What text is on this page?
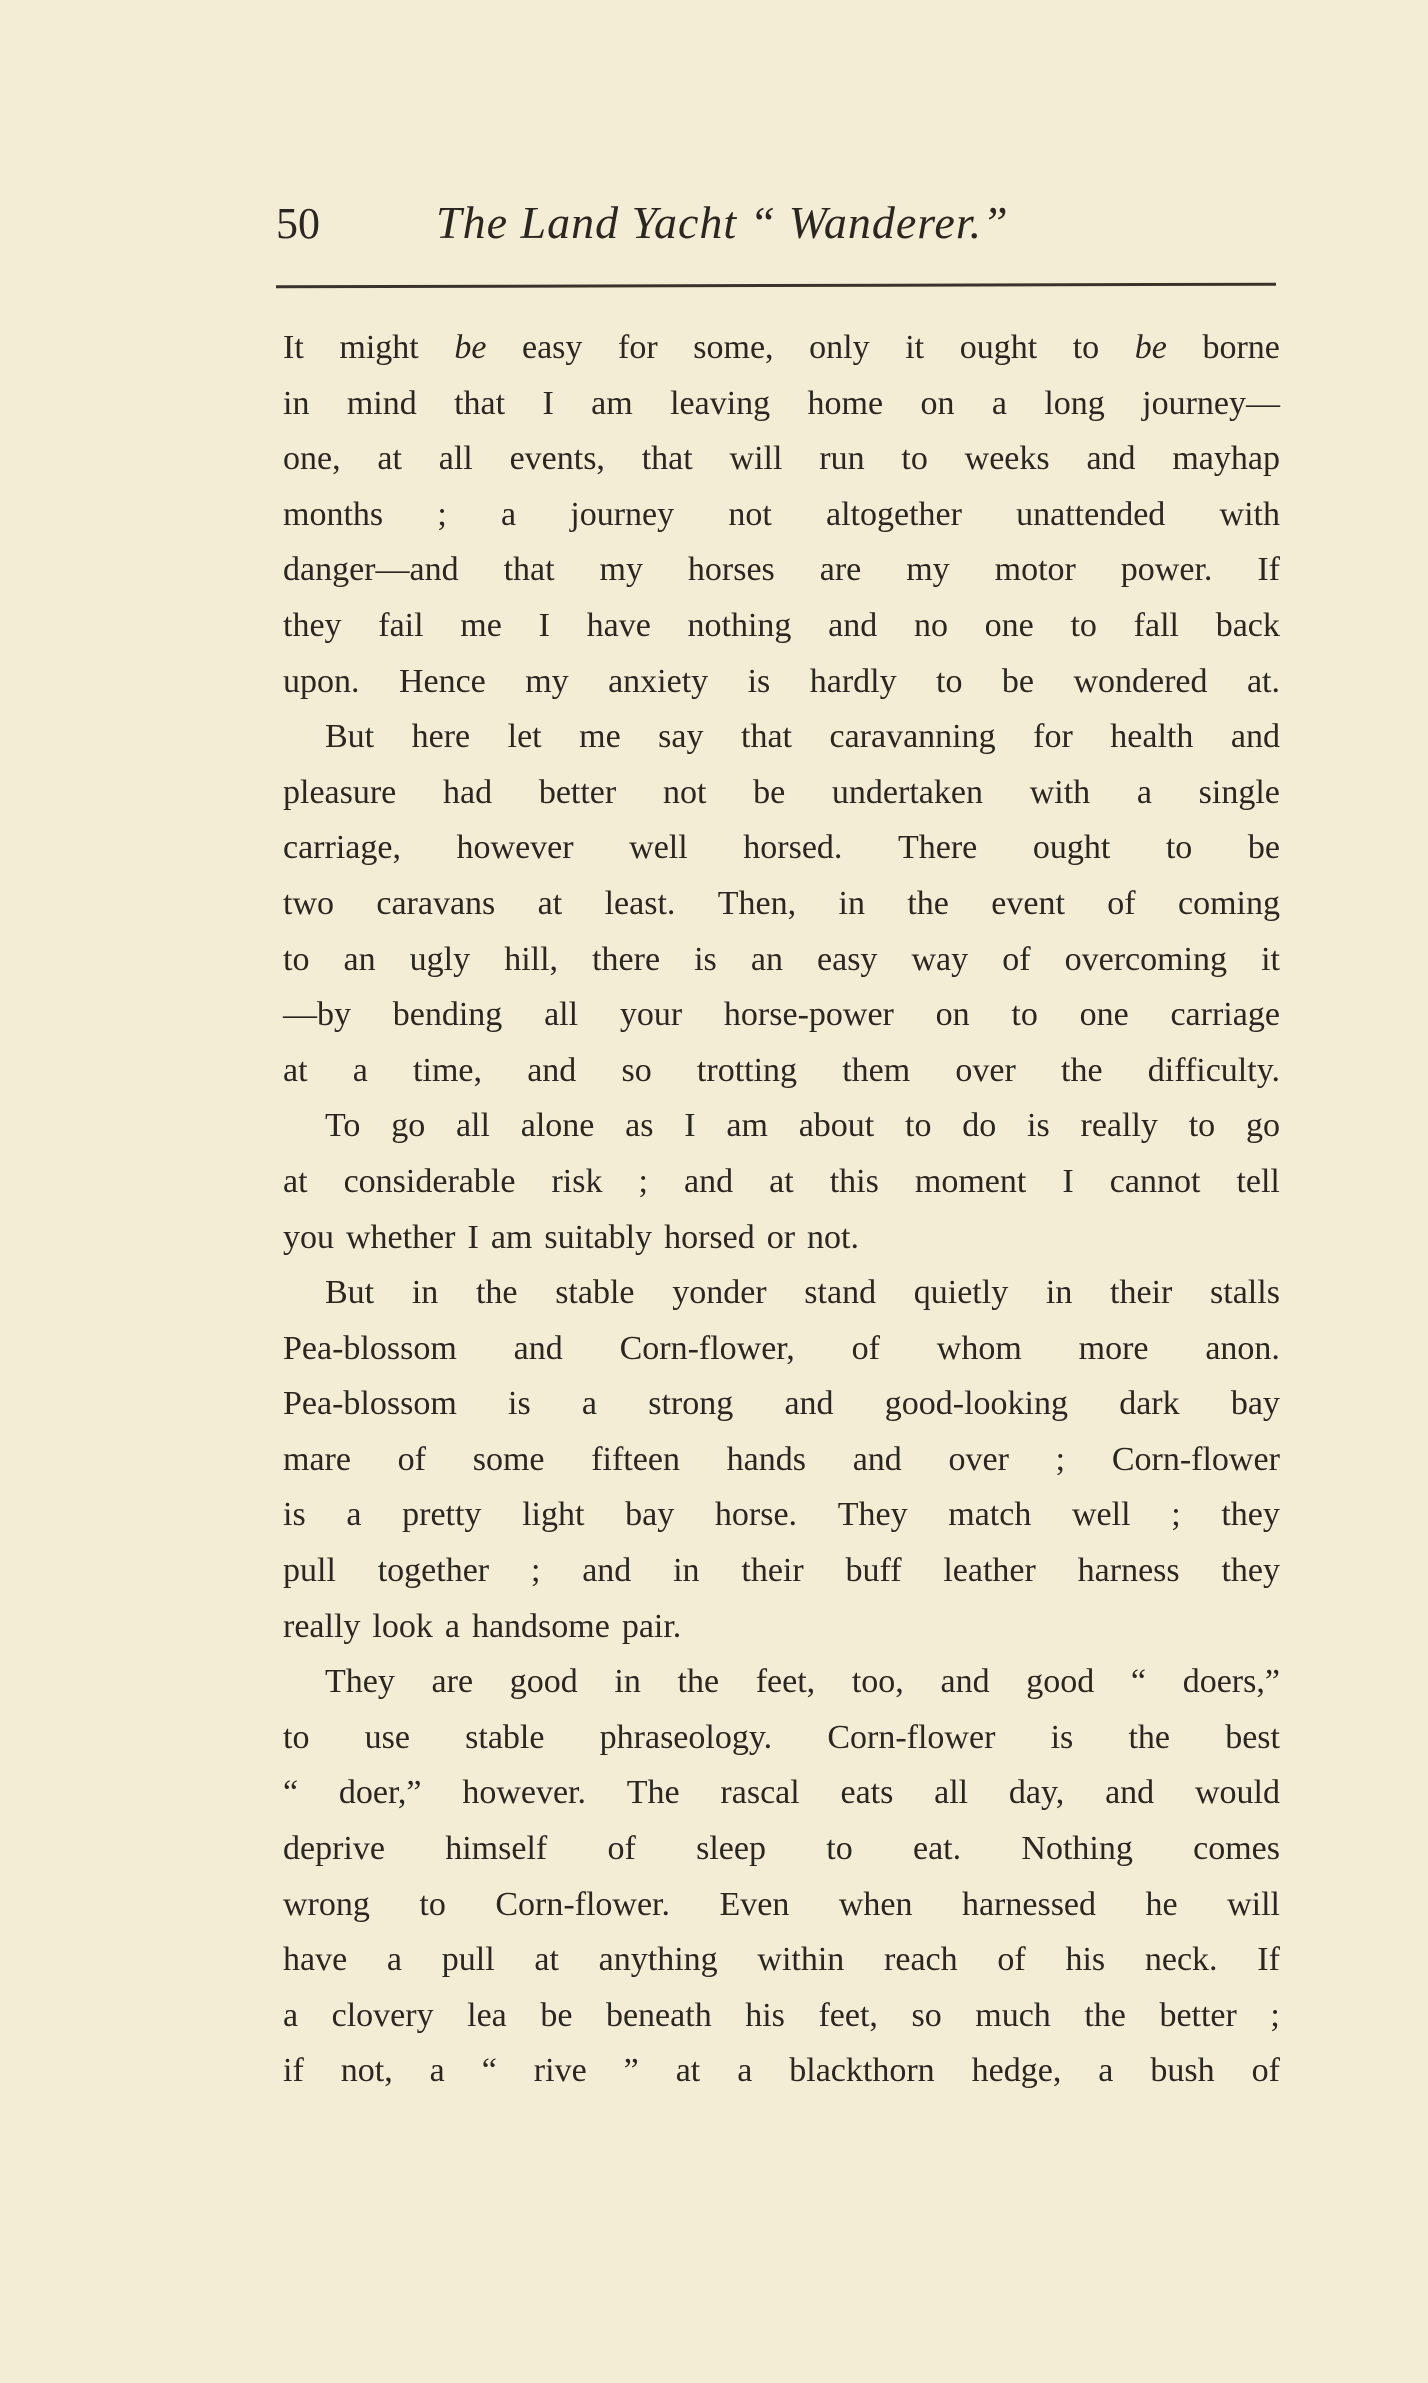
50	The Land Yacht “ Wanderer.”
It might be easy for some, only it ought to be borne
in mind that I am leaving home on a long journey—
one, at all events, that will run to weeks and mayhap
months ; a journey not altogether unattended with
danger—and that my horses are my motor power. If
they fail me I have nothing and no one to fall back
upon. Hence my anxiety is hardly to be wondered at.
But here let me say that caravanning for health and
pleasure had better not be undertaken with a single
carriage, however well horsed. There ought to be
two caravans at least. Then, in the event of coming
to an ugly hill, there is an easy way of overcoming it
—by bending all your horse-power on to one carriage
at a time, and so trotting them over the difficulty.
To go all alone as I am about to do is really to go
at considerable risk ; and at this moment I cannot tell
you whether I am suitably horsed or not.
But in the stable yonder stand quietly in their stalls
Pea-blossom and Corn-flower, of whom more anon.
Pea-blossom is a strong and good-looking dark bay
mare of some fifteen hands and over ; Corn-flower
is a pretty light bay horse. They match well ; they
pull together ; and in their buff leather harness they
really look a handsome pair.
They are good in the feet, too, and good “ doers,”
to use stable phraseology. Corn-flower is the best
“ doer,” however. The rascal eats all day, and would
deprive himself of sleep to eat. Nothing comes
wrong to Corn-flower. Even when harnessed he will
have a pull at anything within reach of his neck. If
a clovery lea be beneath his feet, so much the better ;
if not, a “ rive ” at a blackthorn hedge, a bush of
